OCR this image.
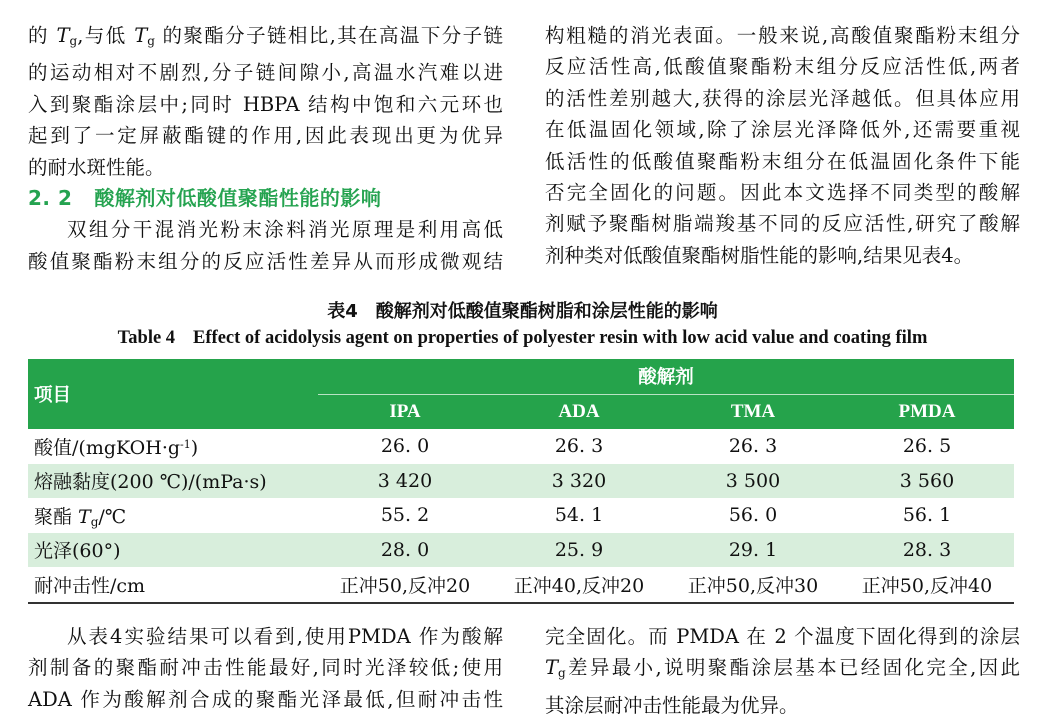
的 $T_g$,与低 $T_g$ 的聚酯分子链相比,其在高温下分子链

的运动相对不剧烈,分子链间隙小,高温水汽难以进

入到聚酯涂层中;同时 HBPA 结构中饱和六元环也

起到了一定屏蔽酯键的作用,因此表现出更为优异

的耐水斑性能。

2. 2 酸解剂对低酸值聚酯性能的影响

双组分干混消光粉末涂料消光原理是利用高低

酸值聚酯粉末组分的反应活性差异从而形成微观结

构粗糙的消光表面。一般来说,高酸值聚酯粉末组分

反应活性高,低酸值聚酯粉末组分反应活性低,两者

的活性差别越大,获得的涂层光泽越低。但具体应用

在低温固化领域,除了涂层光泽降低外,还需要重视

低活性的低酸值聚酯粉末组分在低温固化条件下能

否完全固化的问题。因此本文选择不同类型的酸解

剂赋予聚酯树脂端羧基不同的反应活性,研究了酸解

剂种类对低酸值聚酯树脂性能的影响,结果见表4。

表4 酸解剂对低酸值聚酯树脂和涂层性能的影响
Table 4 Effect of acidolysis agent on properties of polyester resin with low acid value and coating film
项目	酸解剂			
	IPA	ADA	TMA	PMDA
酸值$/(mgKOH\cdot g^{-1})$	26. 0	26. 3	26. 3	26. 5
熔融黏度(200 ℃)/(mPa·s)	3 420	3 320	3 500	3 560
聚酯 $T_g/℃$	55. 2	54. 1	56. 0	56. 1
光泽(60°)	28. 0	25. 9	29. 1	28. 3
耐冲击性/cm	正冲50,反冲20	正冲40,反冲20	正冲50,反冲30	正冲50,反冲40

从表4实验结果可以看到,使用PMDA 作为酸解

剂制备的聚酯耐冲击性能最好,同时光泽较低;使用

ADA 作为酸解剂合成的聚酯光泽最低,但耐冲击性

完全固化。而 PMDA 在 2 个温度下固化得到的涂层

$T_g$差异最小,说明聚酯涂层基本已经固化完全,因此

其涂层耐冲击性能最为优异。
